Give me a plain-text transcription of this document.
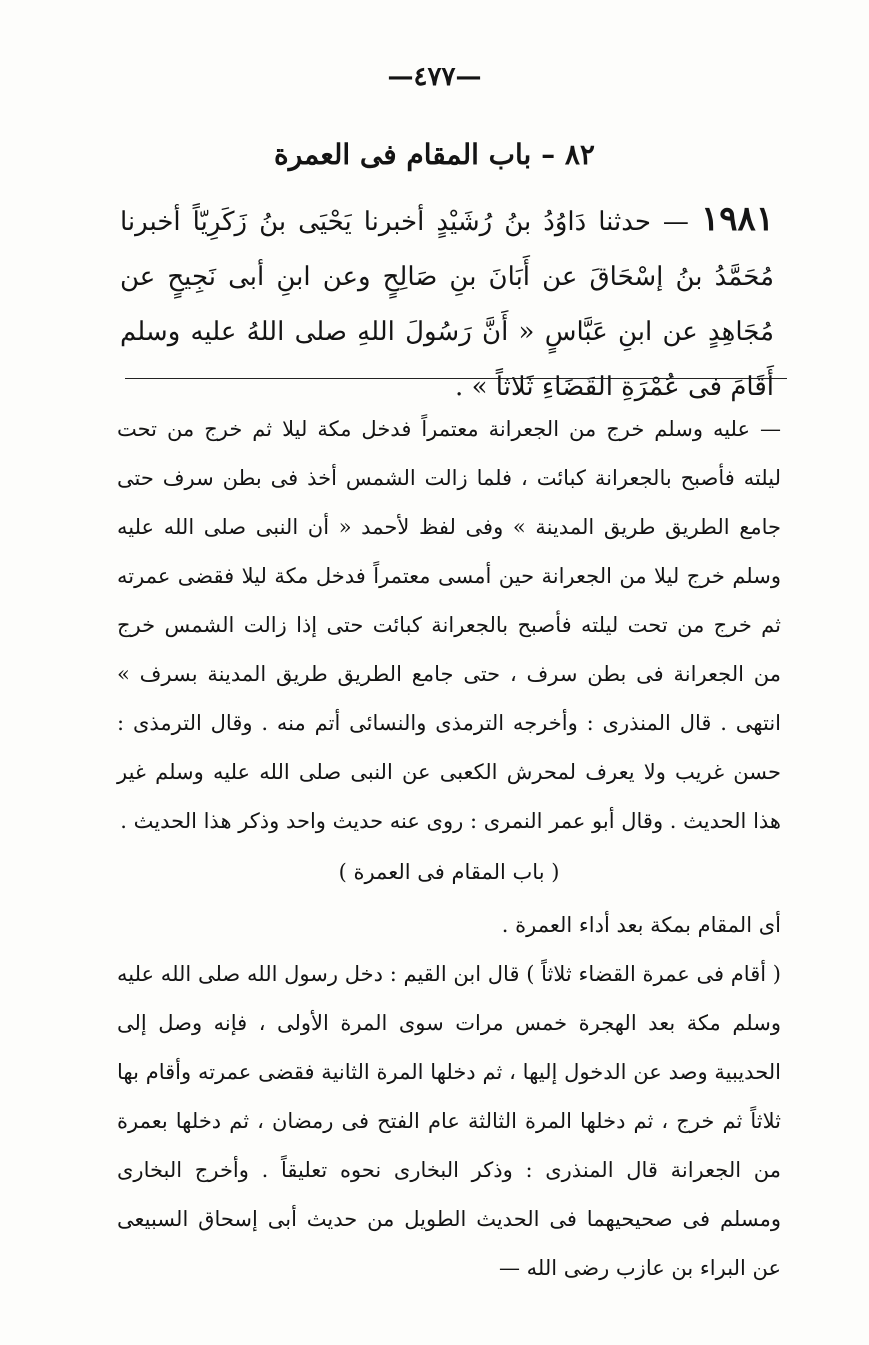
—٤٧٧—
٨٢ – باب المقام فى العمرة
١٩٨١ — حدثنا دَاوُدُ بنُ رُشَيْدٍ أخبرنا يَحْيَى بنُ زَكَرِيّاً أخبرنا مُحَمَّدُ بنُ إسْحَاقَ عن أَبَانَ بنِ صَالِحٍ وعن ابنِ أبى نَجِيحٍ عن مُجَاهِدٍ عن ابنِ عَبَّاسٍ « أَنَّ رَسُولَ اللهِ صلى اللهُ عليه وسلم أَقَامَ فى عُمْرَةِ القَضَاءِ ثَلاثاً » .

— عليه وسلم خرج من الجعرانة معتمراً فدخل مكة ليلا ثم خرج من تحت ليلته فأصبح بالجعرانة كبائت ، فلما زالت الشمس أخذ فى بطن سرف حتى جامع الطريق طريق المدينة » وفى لفظ لأحمد « أن النبى صلى الله عليه وسلم خرج ليلا من الجعرانة حين أمسى معتمراً فدخل مكة ليلا فقضى عمرته ثم خرج من تحت ليلته فأصبح بالجعرانة كبائت حتى إذا زالت الشمس خرج من الجعرانة فى بطن سرف ، حتى جامع الطريق طريق المدينة بسرف » انتهى . قال المنذرى : وأخرجه الترمذى والنسائى أتم منه . وقال الترمذى : حسن غريب ولا يعرف لمحرش الكعبى عن النبى صلى الله عليه وسلم غير هذا الحديث . وقال أبو عمر النمرى : روى عنه حديث واحد وذكر هذا الحديث .

( باب المقام فى العمرة )

أى المقام بمكة بعد أداء العمرة .

( أقام فى عمرة القضاء ثلاثاً ) قال ابن القيم : دخل رسول الله صلى الله عليه وسلم مكة بعد الهجرة خمس مرات سوى المرة الأولى ، فإنه وصل إلى الحديبية وصد عن الدخول إليها ، ثم دخلها المرة الثانية فقضى عمرته وأقام بها ثلاثاً ثم خرج ، ثم دخلها المرة الثالثة عام الفتح فى رمضان ، ثم دخلها بعمرة من الجعرانة قال المنذرى : وذكر البخارى نحوه تعليقاً . وأخرج البخارى ومسلم فى صحيحيهما فى الحديث الطويل من حديث أبى إسحاق السبيعى عن البراء بن عازب رضى الله —
